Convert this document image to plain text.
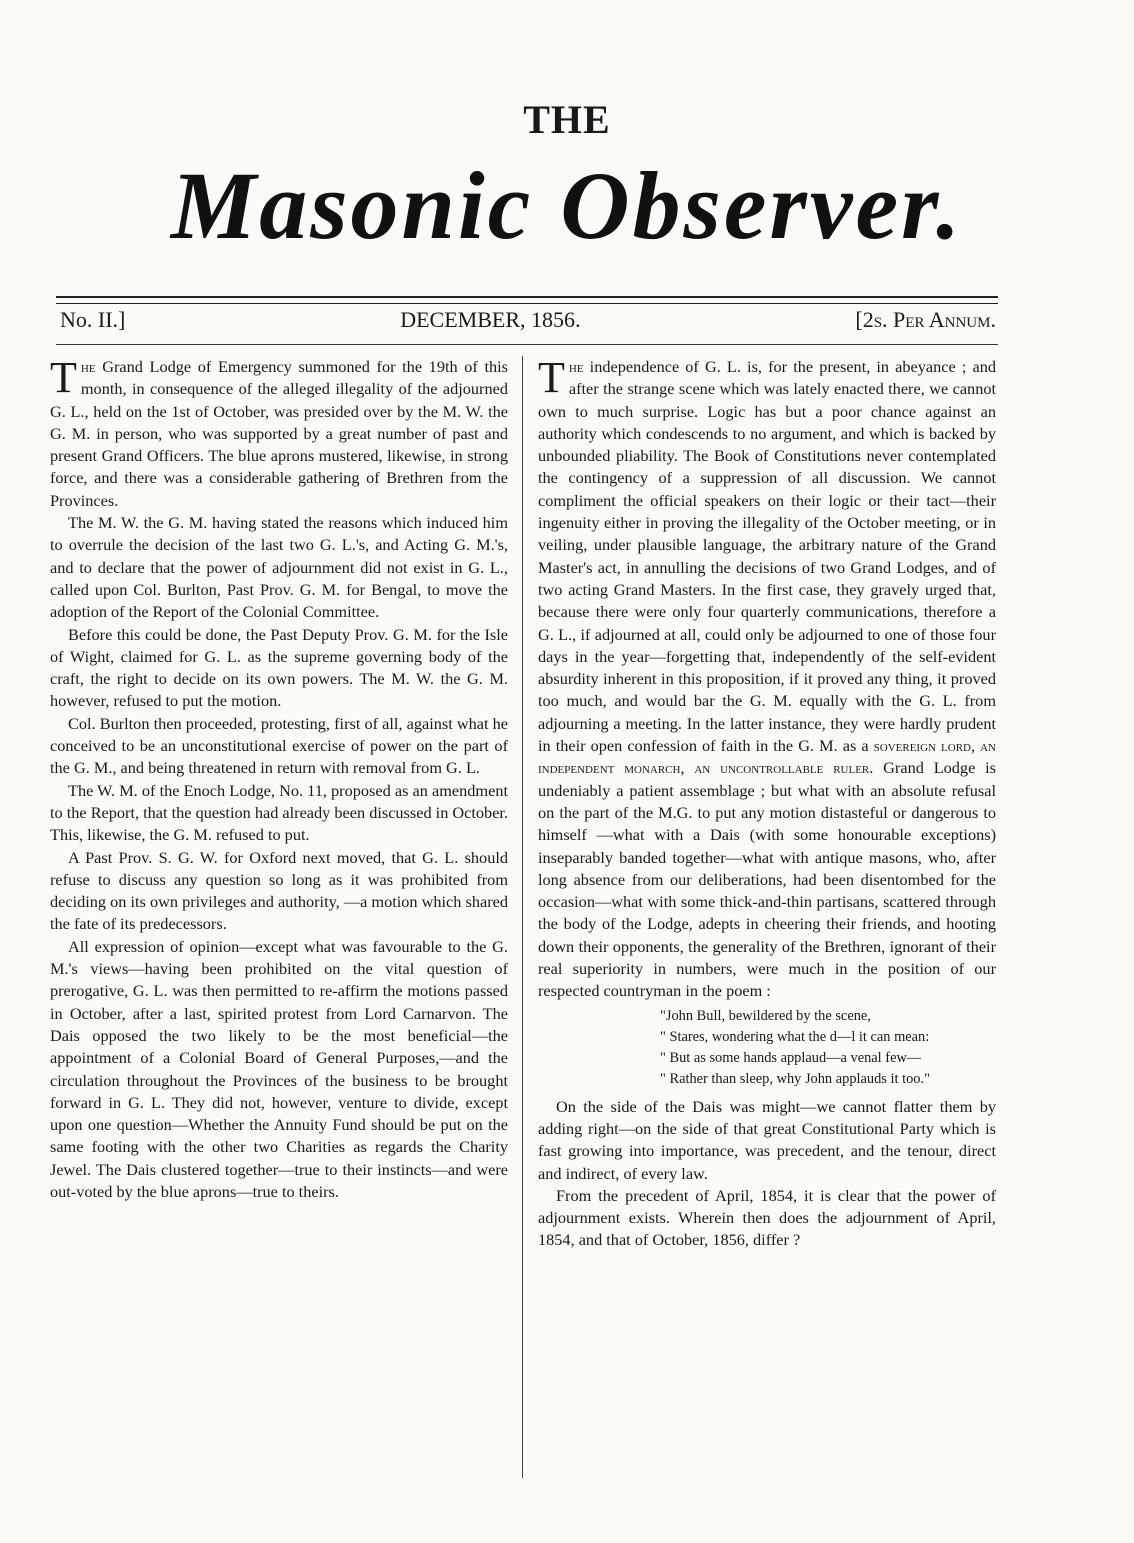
THE
Masonic Observer.
No. II.]	DECEMBER, 1856.	[2s. Per Annum.

The Grand Lodge of Emergency summoned for the 19th of this month, in consequence of the alleged illegality of the adjourned G. L., held on the 1st of October, was presided over by the M. W. the G. M. in person, who was supported by a great number of past and present Grand Officers. The blue aprons mustered, likewise, in strong force, and there was a considerable gathering of Brethren from the Provinces.

The M. W. the G. M. having stated the reasons which induced him to overrule the decision of the last two G. L.'s, and Acting G. M.'s, and to declare that the power of adjournment did not exist in G. L., called upon Col. Burlton, Past Prov. G. M. for Bengal, to move the adoption of the Report of the Colonial Committee.

Before this could be done, the Past Deputy Prov. G. M. for the Isle of Wight, claimed for G. L. as the supreme governing body of the craft, the right to decide on its own powers. The M. W. the G. M. however, refused to put the motion.

Col. Burlton then proceeded, protesting, first of all, against what he conceived to be an unconstitutional exercise of power on the part of the G. M., and being threatened in return with removal from G. L.

The W. M. of the Enoch Lodge, No. 11, proposed as an amendment to the Report, that the question had already been discussed in October. This, likewise, the G. M. refused to put.

A Past Prov. S. G. W. for Oxford next moved, that G. L. should refuse to discuss any question so long as it was prohibited from deciding on its own privileges and authority, —a motion which shared the fate of its predecessors.

All expression of opinion—except what was favourable to the G. M.'s views—having been prohibited on the vital question of prerogative, G. L. was then permitted to re-affirm the motions passed in October, after a last, spirited protest from Lord Carnarvon. The Dais opposed the two likely to be the most beneficial—the appointment of a Colonial Board of General Purposes,—and the circulation throughout the Provinces of the business to be brought forward in G. L. They did not, however, venture to divide, except upon one question—Whether the Annuity Fund should be put on the same footing with the other two Charities as regards the Charity Jewel. The Dais clustered together—true to their instincts—and were out-voted by the blue aprons—true to theirs.

The independence of G. L. is, for the present, in abeyance ; and after the strange scene which was lately enacted there, we cannot own to much surprise. Logic has but a poor chance against an authority which condescends to no argument, and which is backed by unbounded pliability. The Book of Constitutions never contemplated the contingency of a suppression of all discussion. We cannot compliment the official speakers on their logic or their tact—their ingenuity either in proving the illegality of the October meeting, or in veiling, under plausible language, the arbitrary nature of the Grand Master's act, in annulling the decisions of two Grand Lodges, and of two acting Grand Masters. In the first case, they gravely urged that, because there were only four quarterly communications, therefore a G. L., if adjourned at all, could only be adjourned to one of those four days in the year—forgetting that, independently of the self-evident absurdity inherent in this proposition, if it proved any thing, it proved too much, and would bar the G. M. equally with the G. L. from adjourning a meeting. In the latter instance, they were hardly prudent in their open confession of faith in the G. M. as a sovereign lord, an independent monarch, an uncontrollable ruler. Grand Lodge is undeniably a patient assemblage ; but what with an absolute refusal on the part of the M.G. to put any motion distasteful or dangerous to himself —what with a Dais (with some honourable exceptions) inseparably banded together—what with antique masons, who, after long absence from our deliberations, had been disentombed for the occasion—what with some thick-and-thin partisans, scattered through the body of the Lodge, adepts in cheering their friends, and hooting down their opponents, the generality of the Brethren, ignorant of their real superiority in numbers, were much in the position of our respected countryman in the poem :

"John Bull, bewildered by the scene,
" Stares, wondering what the d—l it can mean:
" But as some hands applaud—a venal few—
" Rather than sleep, why John applauds it too."

On the side of the Dais was might—we cannot flatter them by adding right—on the side of that great Constitutional Party which is fast growing into importance, was precedent, and the tenour, direct and indirect, of every law.

From the precedent of April, 1854, it is clear that the power of adjournment exists. Wherein then does the adjournment of April, 1854, and that of October, 1856, differ ?
